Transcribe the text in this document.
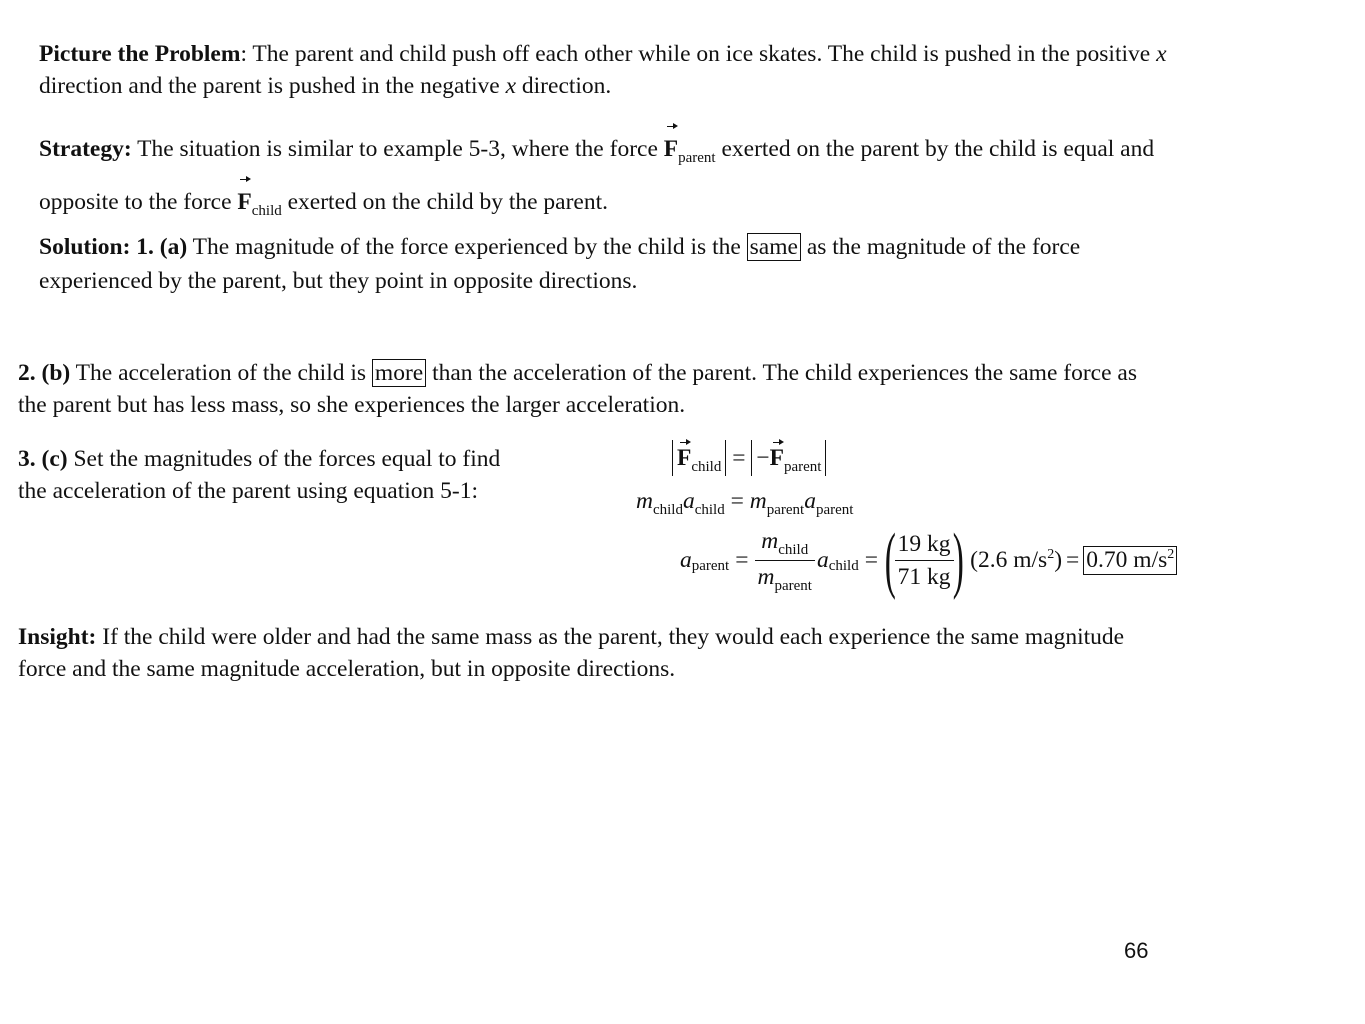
Picture the Problem: The parent and child push off each other while on ice skates. The child is pushed in the positive x
direction and the parent is pushed in the negative x direction.

Strategy: The situation is similar to example 5-3, where the force $F_{parent}$ exerted on the parent by the child is equal and
opposite to the force $F_{child}$ exerted on the child by the parent.

Solution: 1. (a) The magnitude of the force experienced by the child is the same as the magnitude of the force
experienced by the parent, but they point in opposite directions.

2. (b) The acceleration of the child is more than the acceleration of the parent. The child experiences the same force as
the parent but has less mass, so she experiences the larger acceleration.

3. (c) Set the magnitudes of the forces equal to find
the acceleration of the parent using equation 5-1:

$F_{child} = -F_{parent}$
$m_{child}a_{child} = m_{parent}a_{parent}$
a parent = $\frac{m_{child}}{m_{parent}}$ a child = (
$\frac{19 kg}{71 kg}$
) (2.6 $m/s^2) = 0.70$ $m/s^2$

Insight: If the child were older and had the same mass as the parent, they would each experience the same magnitude
force and the same magnitude acceleration, but in opposite directions.

66
